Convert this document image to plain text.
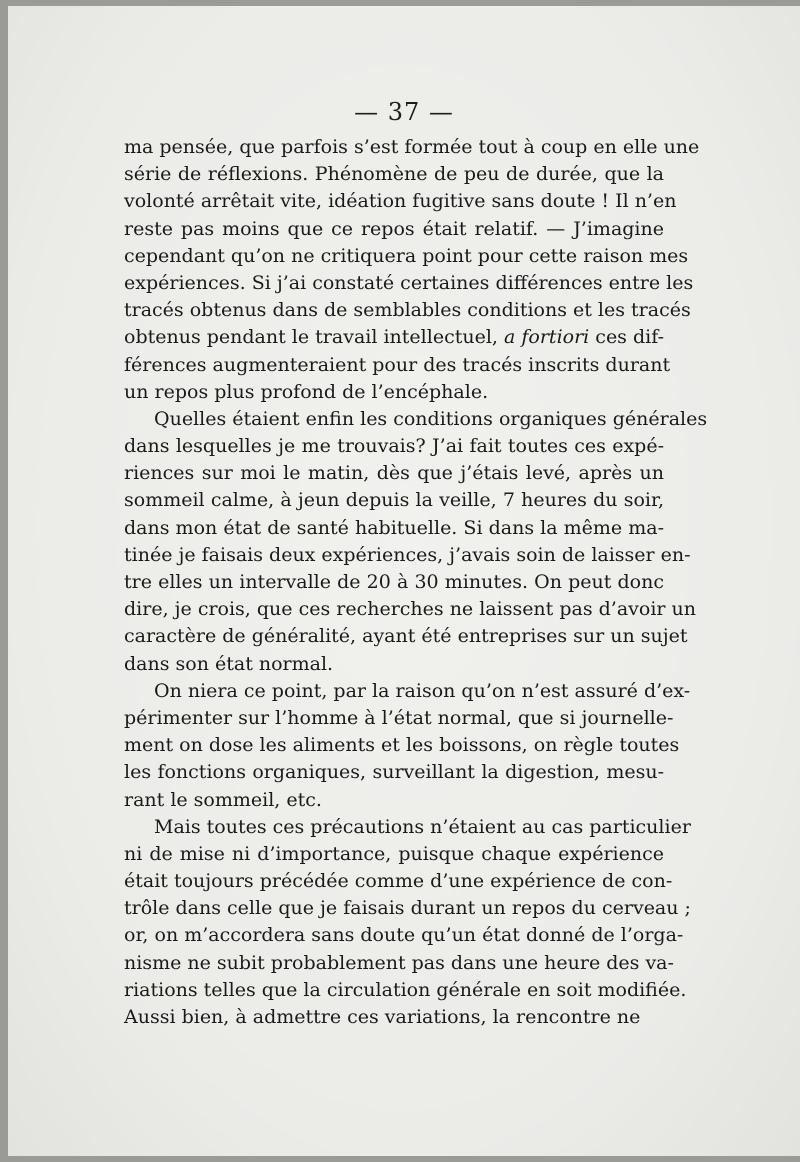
— 37 —
ma pensée, que parfois s’est formée tout à coup en elle une
série de réflexions. Phénomène de peu de durée, que la
volonté arrêtait vite, idéation fugitive sans doute ! Il n’en
reste pas moins que ce repos était relatif. — J’imagine
cependant qu’on ne critiquera point pour cette raison mes
expériences. Si j’ai constaté certaines différences entre les
tracés obtenus dans de semblables conditions et les tracés
obtenus pendant le travail intellectuel, a fortiori ces dif-
férences augmenteraient pour des tracés inscrits durant
un repos plus profond de l’encéphale.
Quelles étaient enfin les conditions organiques générales
dans lesquelles je me trouvais? J’ai fait toutes ces expé-
riences sur moi le matin, dès que j’étais levé, après un
sommeil calme, à jeun depuis la veille, 7 heures du soir,
dans mon état de santé habituelle. Si dans la même ma-
tinée je faisais deux expériences, j’avais soin de laisser en-
tre elles un intervalle de 20 à 30 minutes. On peut donc
dire, je crois, que ces recherches ne laissent pas d’avoir un
caractère de généralité, ayant été entreprises sur un sujet
dans son état normal.
On niera ce point, par la raison qu’on n’est assuré d’ex-
périmenter sur l’homme à l’état normal, que si journelle-
ment on dose les aliments et les boissons, on règle toutes
les fonctions organiques, surveillant la digestion, mesu-
rant le sommeil, etc.
Mais toutes ces précautions n’étaient au cas particulier
ni de mise ni d’importance, puisque chaque expérience
était toujours précédée comme d’une expérience de con-
trôle dans celle que je faisais durant un repos du cerveau ;
or, on m’accordera sans doute qu’un état donné de l’orga-
nisme ne subit probablement pas dans une heure des va-
riations telles que la circulation générale en soit modifiée.
Aussi bien, à admettre ces variations, la rencontre ne
